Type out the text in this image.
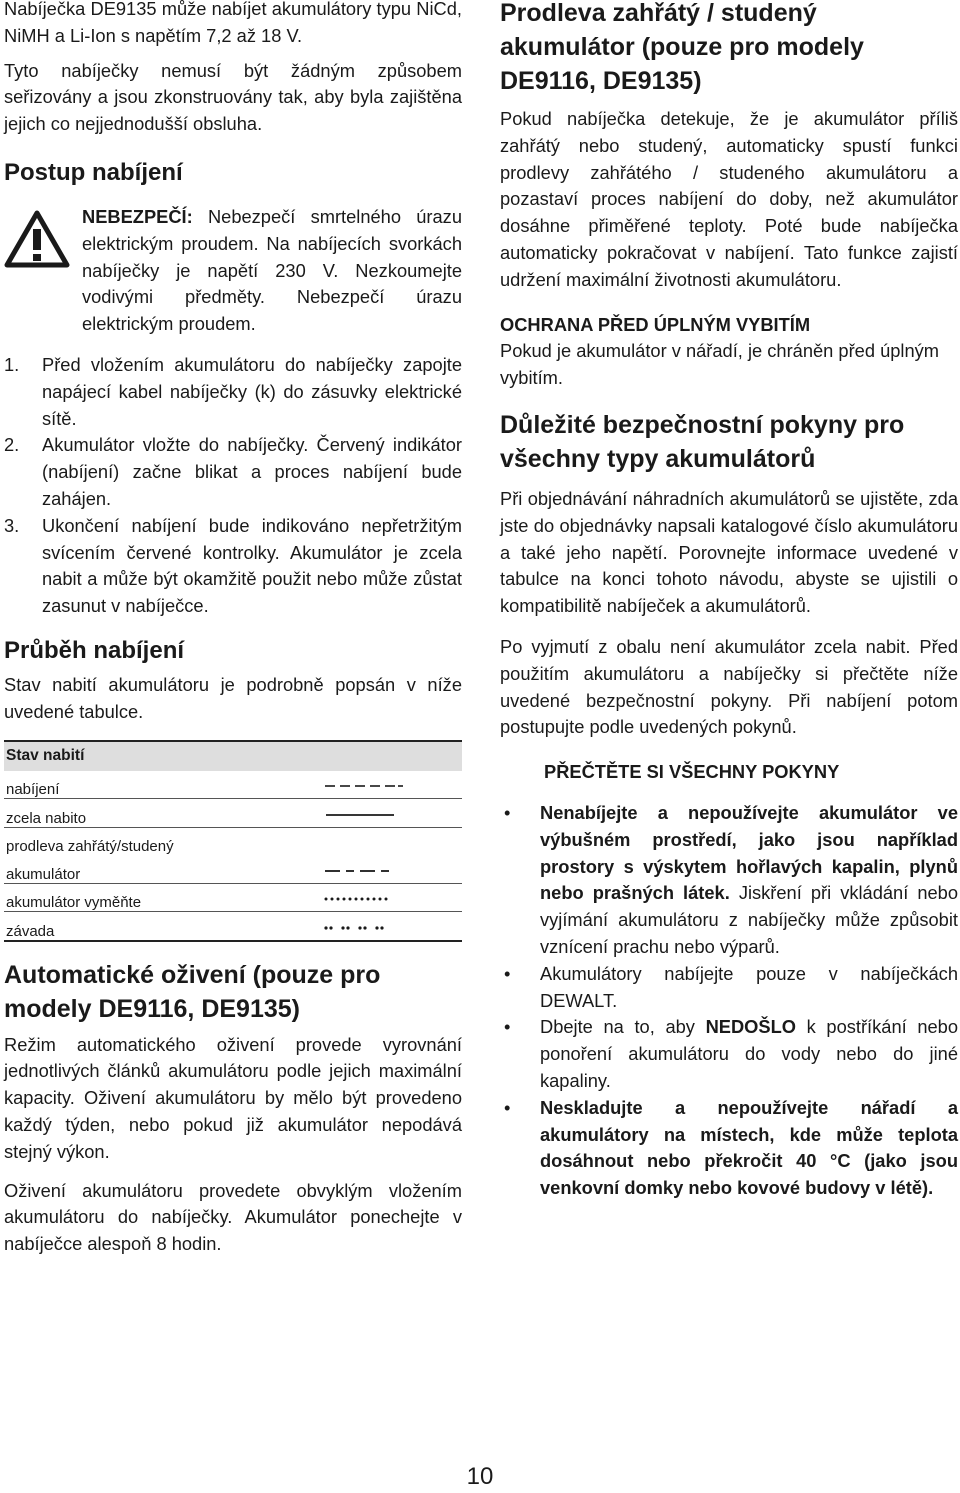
Nabíječka DE9135 může nabíjet akumulátory typu NiCd, NiMH a Li-Ion s napětím 7,2 až 18 V.

Tyto nabíječky nemusí být žádným způsobem seřizovány a jsou zkonstruovány tak, aby byla zajištěna jejich co nejjednodušší obsluha.

Postup nabíjení

NEBEZPEČÍ: Nebezpečí smrtelného úrazu elektrickým proudem. Na nabíjecích svorkách nabíječky je napětí 230 V. Nezkoumejte vodivými předměty. Nebezpečí úrazu elektrickým proudem.

1. Před vložením akumulátoru do nabíječky zapojte napájecí kabel nabíječky (k) do zásuvky elektrické sítě.
2. Akumulátor vložte do nabíječky. Červený indikátor (nabíjení) začne blikat a proces nabíjení bude zahájen.
3. Ukončení nabíjení bude indikováno nepřetržitým svícením červené kontrolky. Akumulátor je zcela nabit a může být okamžitě použit nebo může zůstat zasunut v nabíječce.
Průběh nabíjení

Stav nabití akumulátoru je podrobně popsán v níže uvedené tabulce.

Stav nabití	
nabíjení	

zcela nabito	

prodleva zahřátý/studený	
akumulátor	

akumulátor vyměňte	

závada	
Automatické oživení (pouze pro modely DE9116, DE9135)

Režim automatického oživení provede vyrovnání jednotlivých článků akumulátoru podle jejich maximální kapacity. Oživení akumulátoru by mělo být provedeno každý týden, nebo pokud již akumulátor nepodává stejný výkon.

Oživení akumulátoru provedete obvyklým vložením akumulátoru do nabíječky. Akumulátor ponechejte v nabíječce alespoň 8 hodin.

Prodleva zahřátý / studený akumulátor (pouze pro modely DE9116, DE9135)

Pokud nabíječka detekuje, že je akumulátor příliš zahřátý nebo studený, automaticky spustí funkci prodlevy zahřátého / studeného akumulátoru a pozastaví proces nabíjení do doby, než akumulátor dosáhne přiměřené teploty. Poté bude nabíječka automaticky pokračovat v nabíjení. Tato funkce zajistí udržení maximální životnosti akumulátoru.

OCHRANA PŘED ÚPLNÝM VYBITÍM

Pokud je akumulátor v nářadí, je chráněn před úplným vybitím.

Důležité bezpečnostní pokyny pro všechny typy akumulátorů

Při objednávání náhradních akumulátorů se ujistěte, zda jste do objednávky napsali katalogové číslo akumulátoru a také jeho napětí. Porovnejte informace uvedené v tabulce na konci tohoto návodu, abyste se ujistili o kompatibilitě nabíječek a akumulátorů.

Po vyjmutí z obalu není akumulátor zcela nabit. Před použitím akumulátoru a nabíječky si přečtěte níže uvedené bezpečnostní pokyny. Při nabíjení potom postupujte podle uvedených pokynů.

PŘEČTĚTE SI VŠECHNY POKYNY

• Nenabíjejte a nepoužívejte akumulátor ve výbušném prostředí, jako jsou například prostory s výskytem hořlavých kapalin, plynů nebo prašných látek. Jiskření při vkládání nebo vyjímání akumulátoru z nabíječky může způsobit vznícení prachu nebo výparů.
• Akumulátory nabíjejte pouze v nabíječkách DEWALT.
• Dbejte na to, aby NEDOŠLO k postříkání nebo ponoření akumulátoru do vody nebo do jiné kapaliny.
• Neskladujte a nepoužívejte nářadí a akumulátory na místech, kde může teplota dosáhnout nebo překročit 40 °C (jako jsou venkovní domky nebo kovové budovy v létě).
10
